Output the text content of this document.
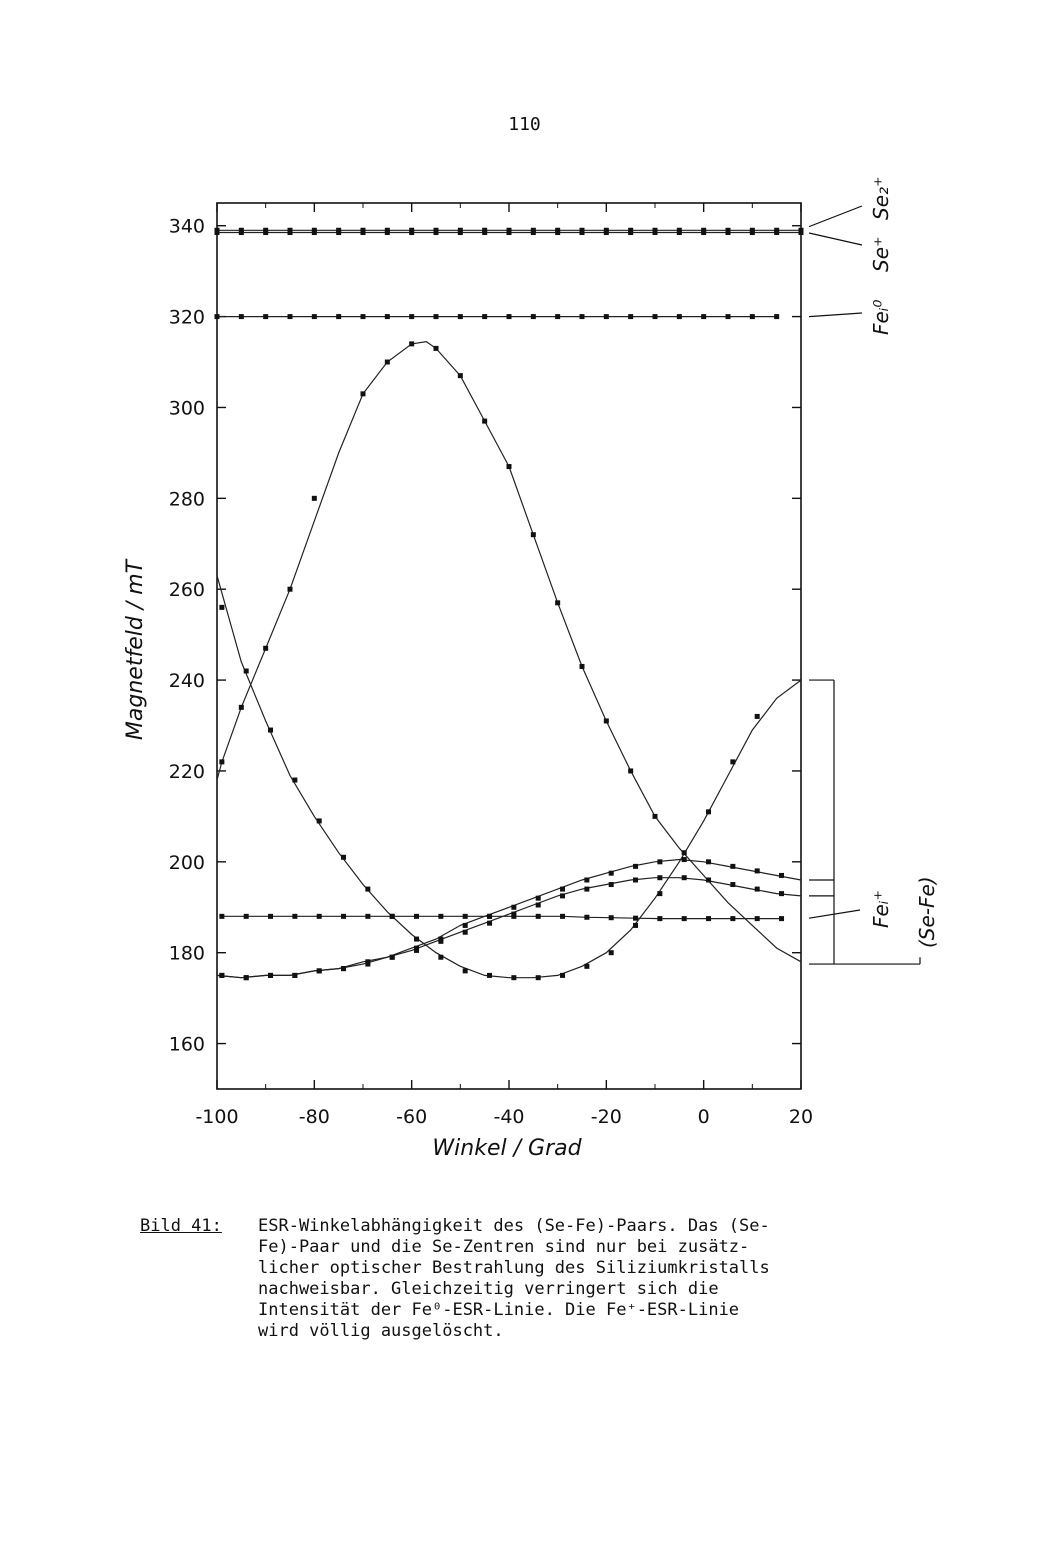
110
-100	-80	-60	-40	-20	0	20
160
180
200
220
240
260
280
300
320
340
Se₂⁺
Se⁺
Feᵢ⁰
Feᵢ⁺ (Se-Fe)
Winkel / Grad
Magnetfeld / mT
Bild 41: ESR-Winkelabhängigkeit des (Se-Fe)-Paars. Das (Se-
Fe)-Paar und die Se-Zentren sind nur bei zusätz-
licher optischer Bestrahlung des Siliziumkristalls
nachweisbar. Gleichzeitig verringert sich die
Intensität der Fe⁰-ESR-Linie. Die Fe⁺-ESR-Linie
wird völlig ausgelöscht.
